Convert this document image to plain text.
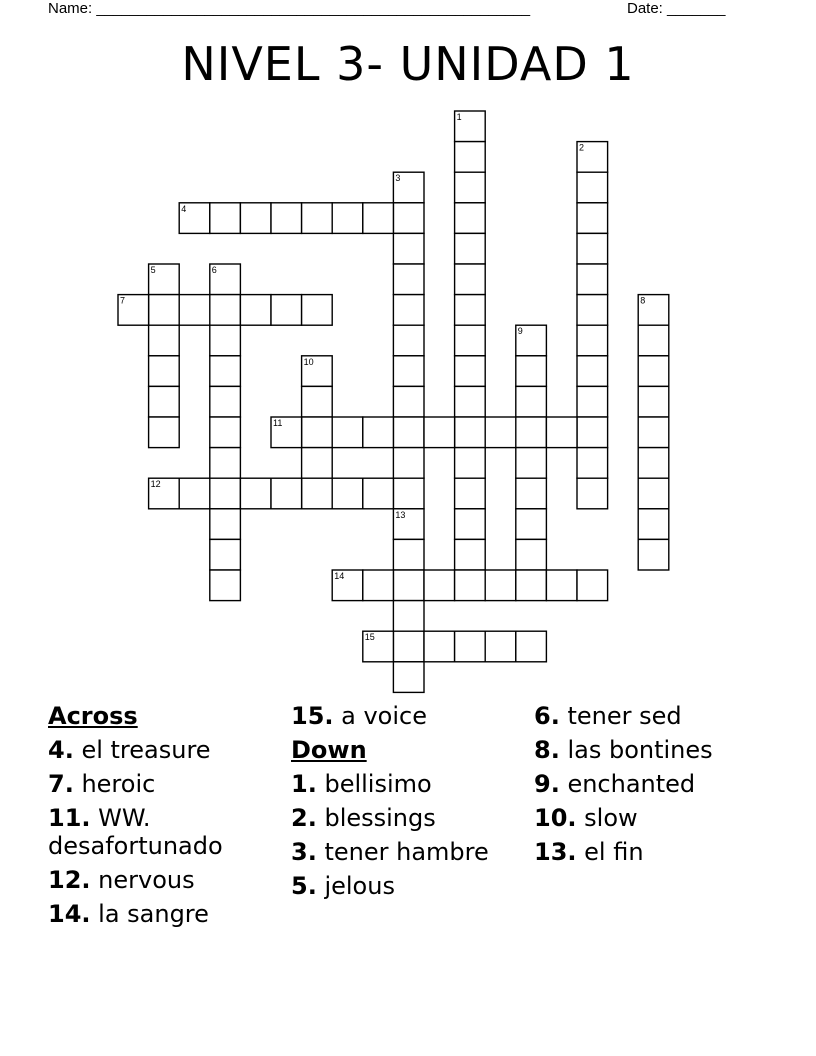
Name: ____________________________________________________	Date: _______
NIVEL 3- UNIDAD 1
1
2
3
4
5	6
7	8
9
10
11
12
13
14
15
Across
4. el treasure
7. heroic
11. WW. desafortunado
12. nervous
14. la sangre
15. a voice
Down
1. bellisimo
2. blessings
3. tener hambre
5. jelous
6. tener sed
8. las bontines
9. enchanted
10. slow
13. el fin
